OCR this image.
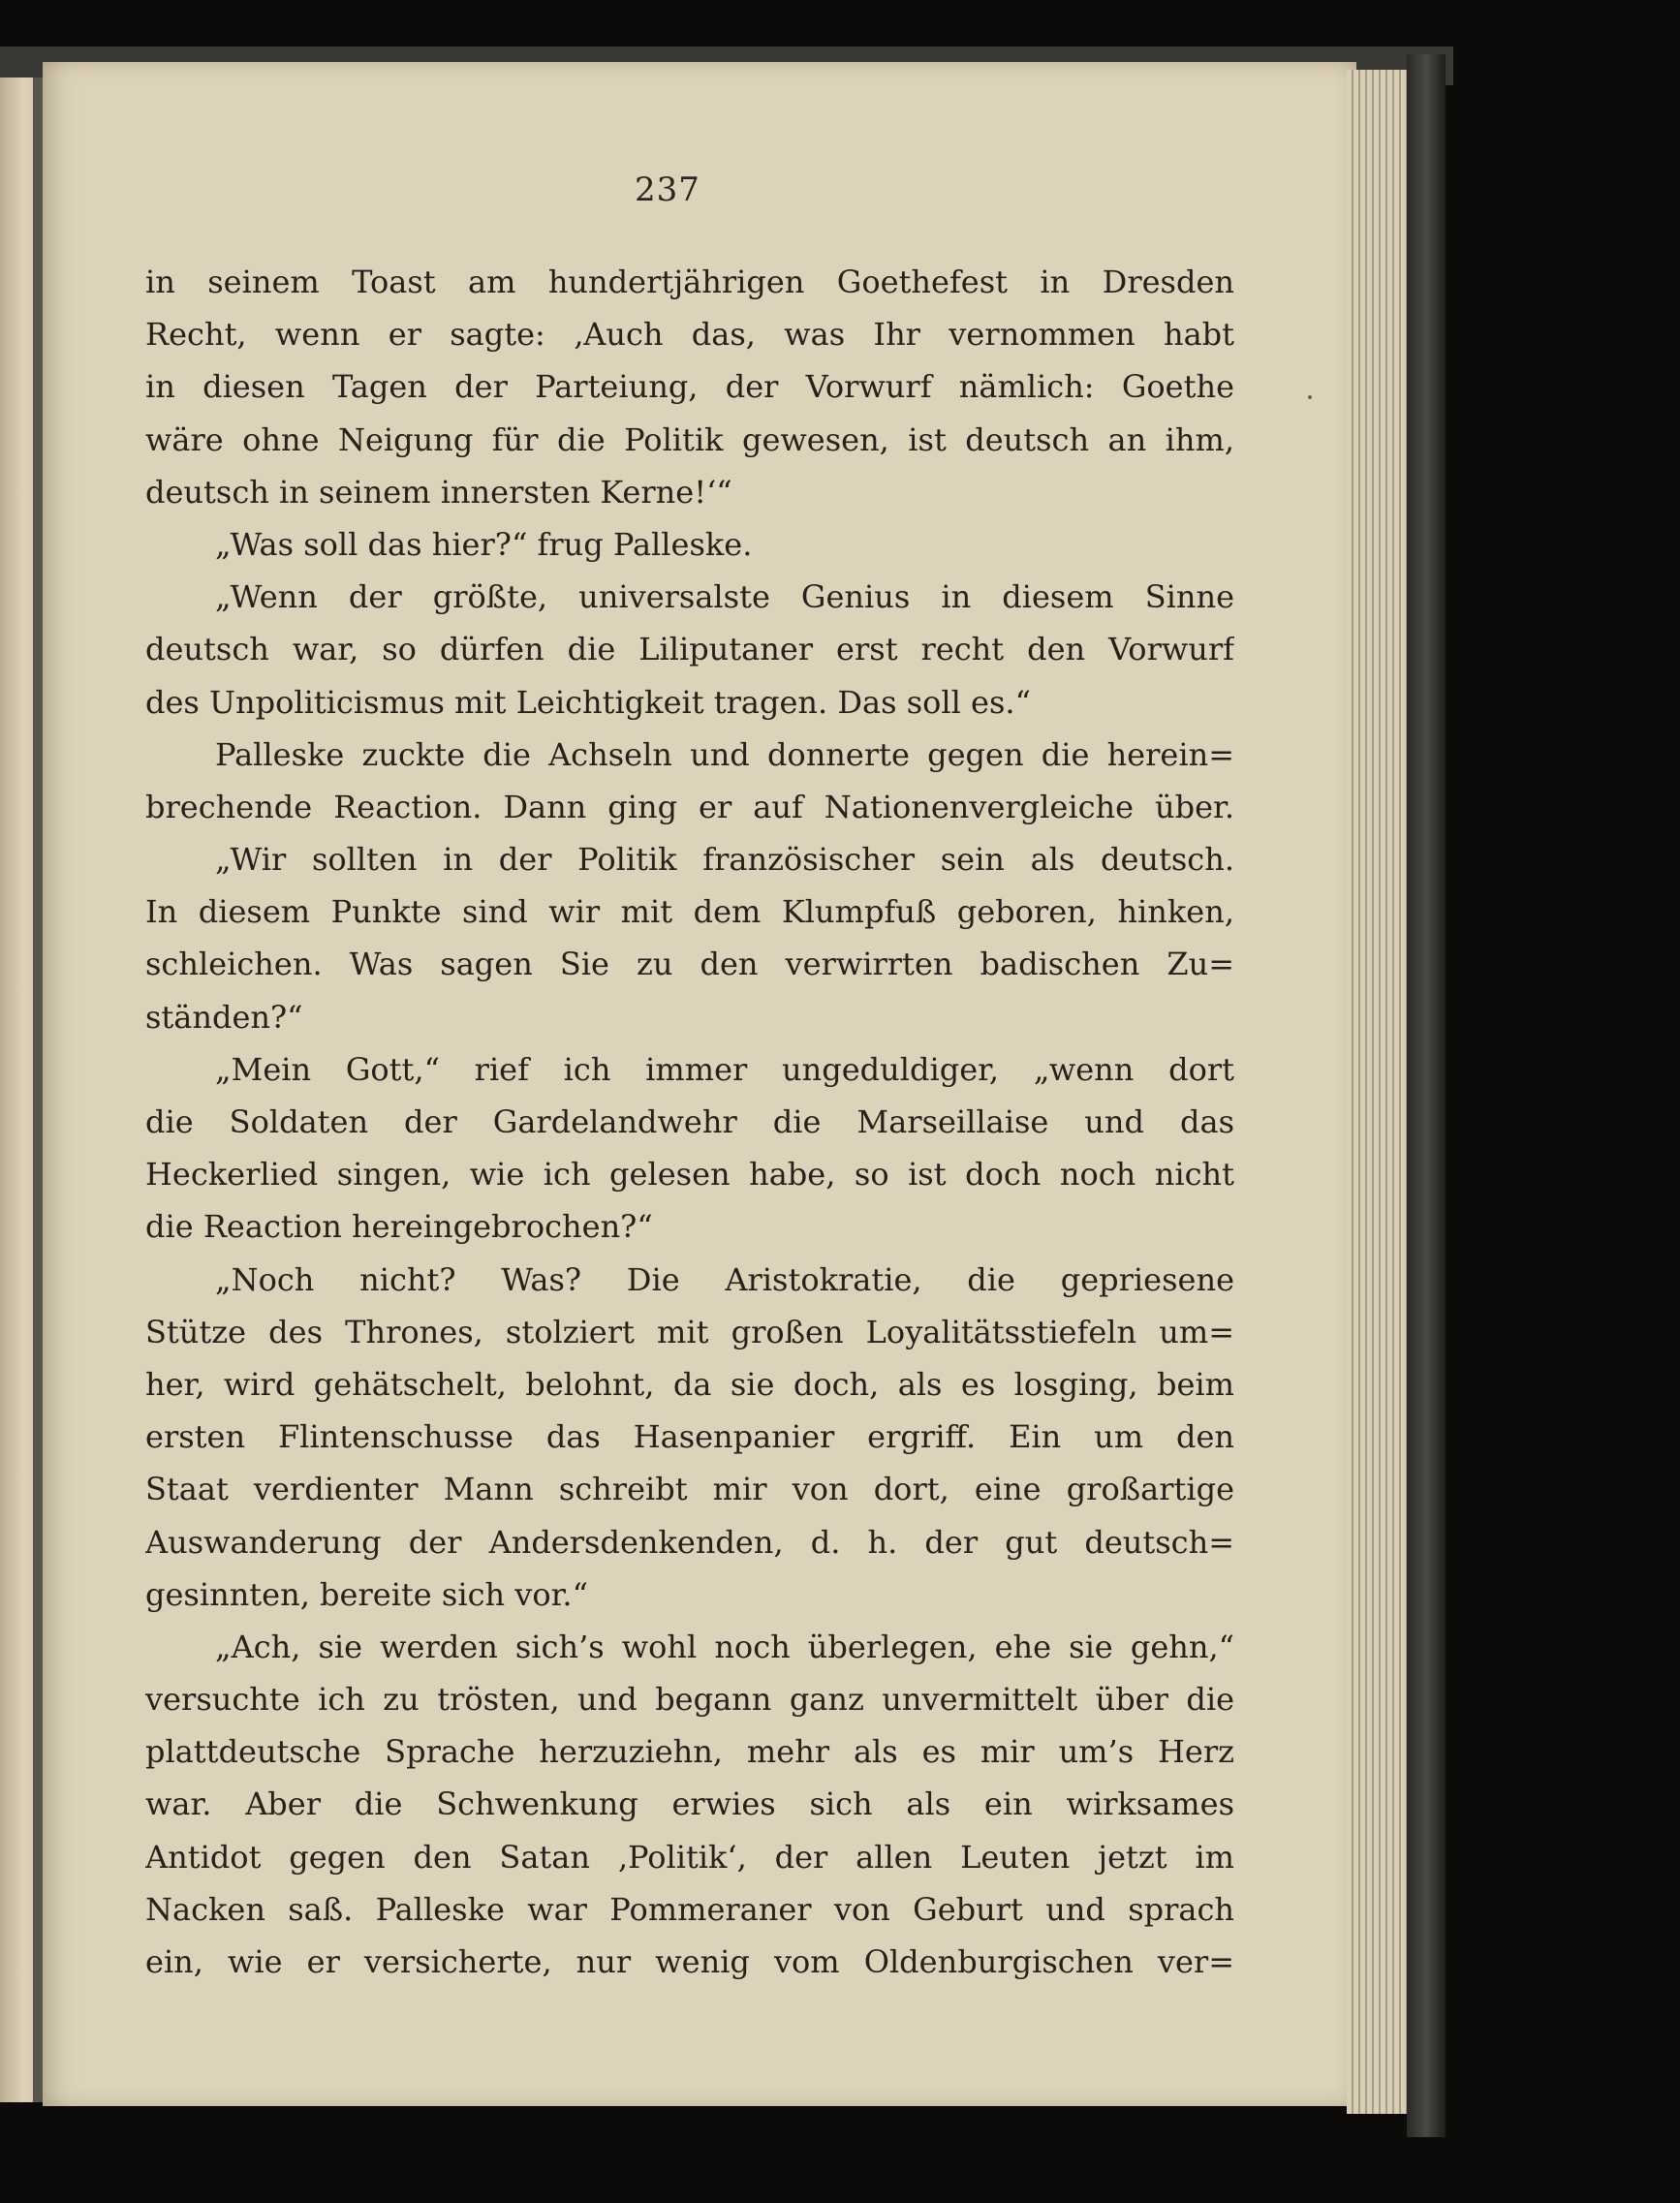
237
in seinem Toast am hundertjährigen Goethefest in Dresden
Recht, wenn er sagte: ‚Auch das, was Ihr vernommen habt
in diesen Tagen der Parteiung, der Vorwurf nämlich: Goethe
wäre ohne Neigung für die Politik gewesen, ist deutsch an ihm,
deutsch in seinem innersten Kerne!‘“
„Was soll das hier?“ frug Palleske.
„Wenn der größte, universalste Genius in diesem Sinne
deutsch war, so dürfen die Liliputaner erst recht den Vorwurf
des Unpoliticismus mit Leichtigkeit tragen. Das soll es.“
Palleske zuckte die Achseln und donnerte gegen die herein=
brechende Reaction. Dann ging er auf Nationenvergleiche über.
„Wir sollten in der Politik französischer sein als deutsch.
In diesem Punkte sind wir mit dem Klumpfuß geboren, hinken,
schleichen. Was sagen Sie zu den verwirrten badischen Zu=
ständen?“
„Mein Gott,“ rief ich immer ungeduldiger, „wenn dort
die Soldaten der Gardelandwehr die Marseillaise und das
Heckerlied singen, wie ich gelesen habe, so ist doch noch nicht
die Reaction hereingebrochen?“
„Noch nicht? Was? Die Aristokratie, die gepriesene
Stütze des Thrones, stolziert mit großen Loyalitätsstiefeln um=
her, wird gehätschelt, belohnt, da sie doch, als es losging, beim
ersten Flintenschusse das Hasenpanier ergriff. Ein um den
Staat verdienter Mann schreibt mir von dort, eine großartige
Auswanderung der Andersdenkenden, d. h. der gut deutsch=
gesinnten, bereite sich vor.“
„Ach, sie werden sich’s wohl noch überlegen, ehe sie gehn,“
versuchte ich zu trösten, und begann ganz unvermittelt über die
plattdeutsche Sprache herzuziehn, mehr als es mir um’s Herz
war. Aber die Schwenkung erwies sich als ein wirksames
Antidot gegen den Satan ‚Politik‘, der allen Leuten jetzt im
Nacken saß. Palleske war Pommeraner von Geburt und sprach
ein, wie er versicherte, nur wenig vom Oldenburgischen ver=
